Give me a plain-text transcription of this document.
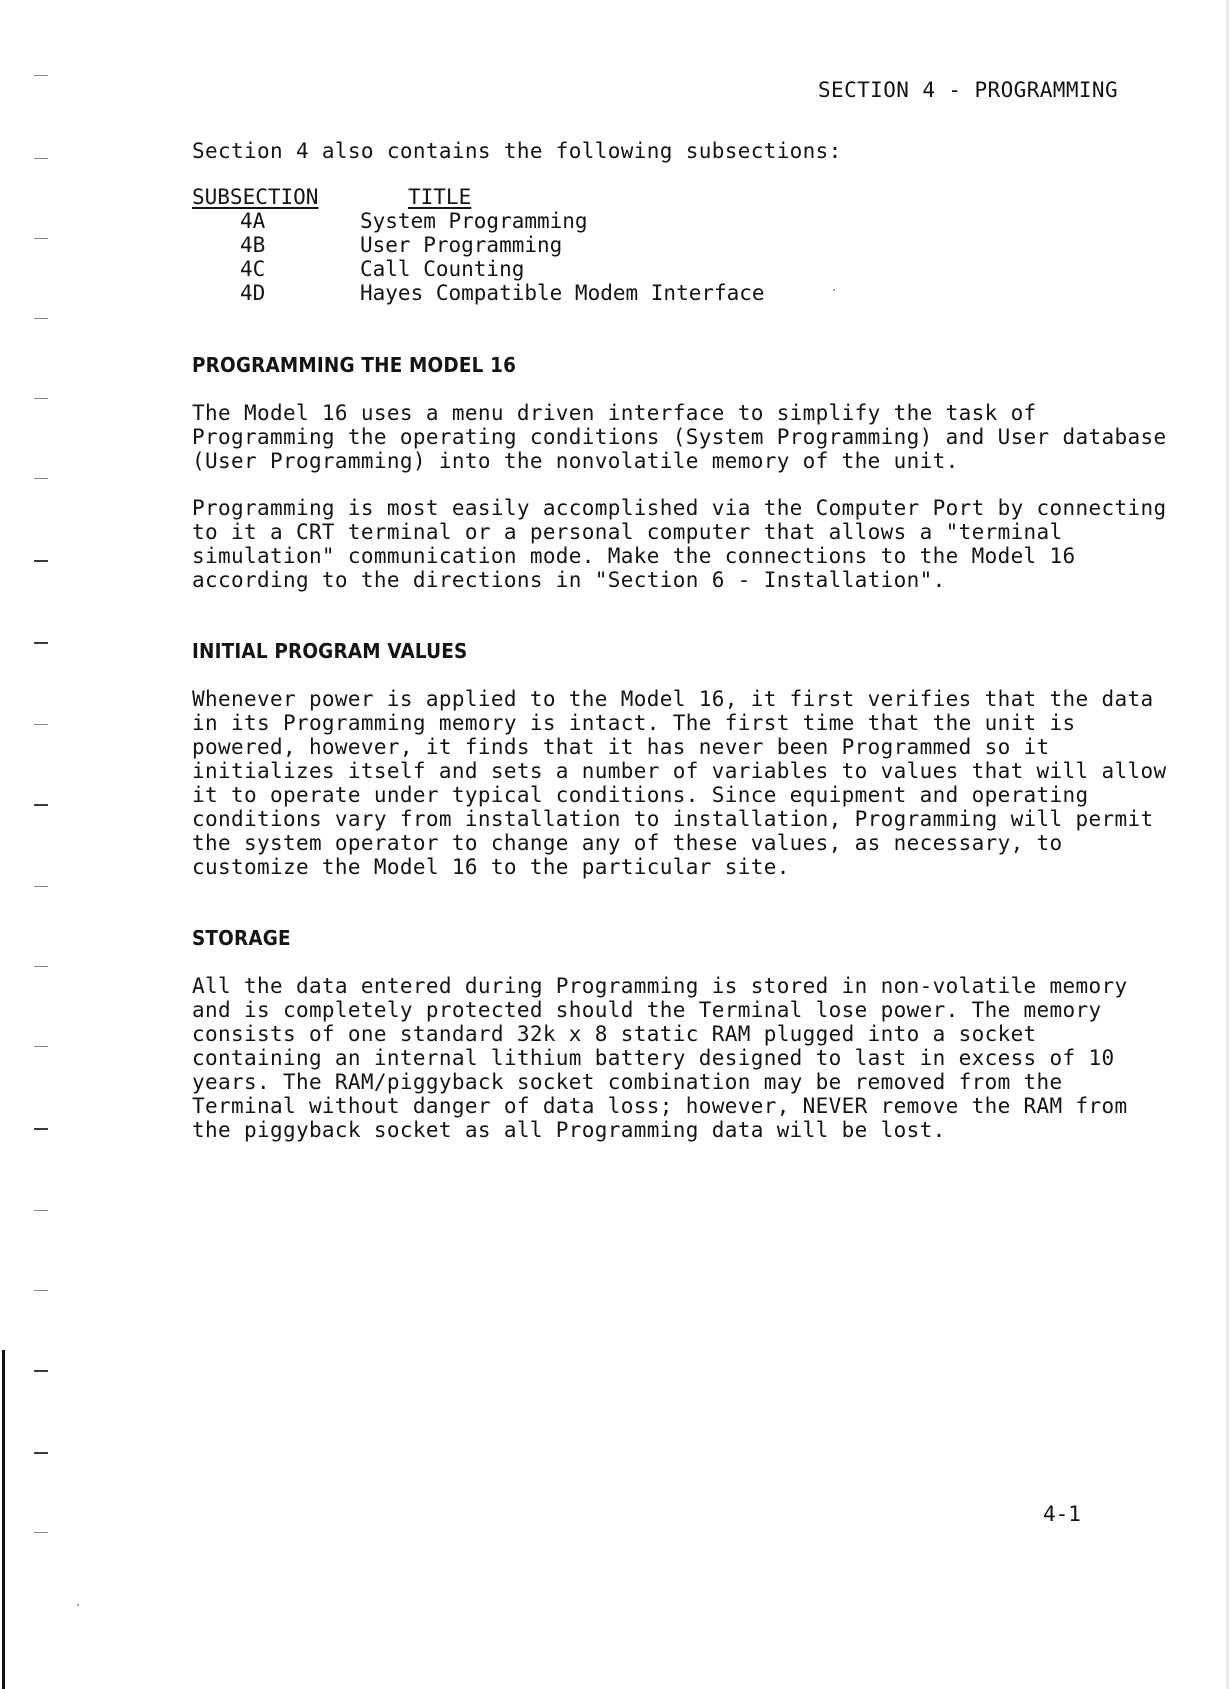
SECTION 4 - PROGRAMMING
Section 4 also contains the following subsections:
SUBSECTION	TITLE
4A	System Programming
4B	User Programming
4C	Call Counting
4D	Hayes Compatible Modem Interface
PROGRAMMING THE MODEL 16
The Model 16 uses a menu driven interface to simplify the task of
Programming the operating conditions (System Programming) and User database
(User Programming) into the nonvolatile memory of the unit.
Programming is most easily accomplished via the Computer Port by connecting
to it a CRT terminal or a personal computer that allows a "terminal
simulation" communication mode. Make the connections to the Model 16
according to the directions in "Section 6 - Installation".
INITIAL PROGRAM VALUES
Whenever power is applied to the Model 16, it first verifies that the data
in its Programming memory is intact. The first time that the unit is
powered, however, it finds that it has never been Programmed so it
initializes itself and sets a number of variables to values that will allow
it to operate under typical conditions. Since equipment and operating
conditions vary from installation to installation, Programming will permit
the system operator to change any of these values, as necessary, to
customize the Model 16 to the particular site.
STORAGE
All the data entered during Programming is stored in non-volatile memory
and is completely protected should the Terminal lose power. The memory
consists of one standard 32k x 8 static RAM plugged into a socket
containing an internal lithium battery designed to last in excess of 10
years. The RAM/piggyback socket combination may be removed from the
Terminal without danger of data loss; however, NEVER remove the RAM from
the piggyback socket as all Programming data will be lost.
4-1
